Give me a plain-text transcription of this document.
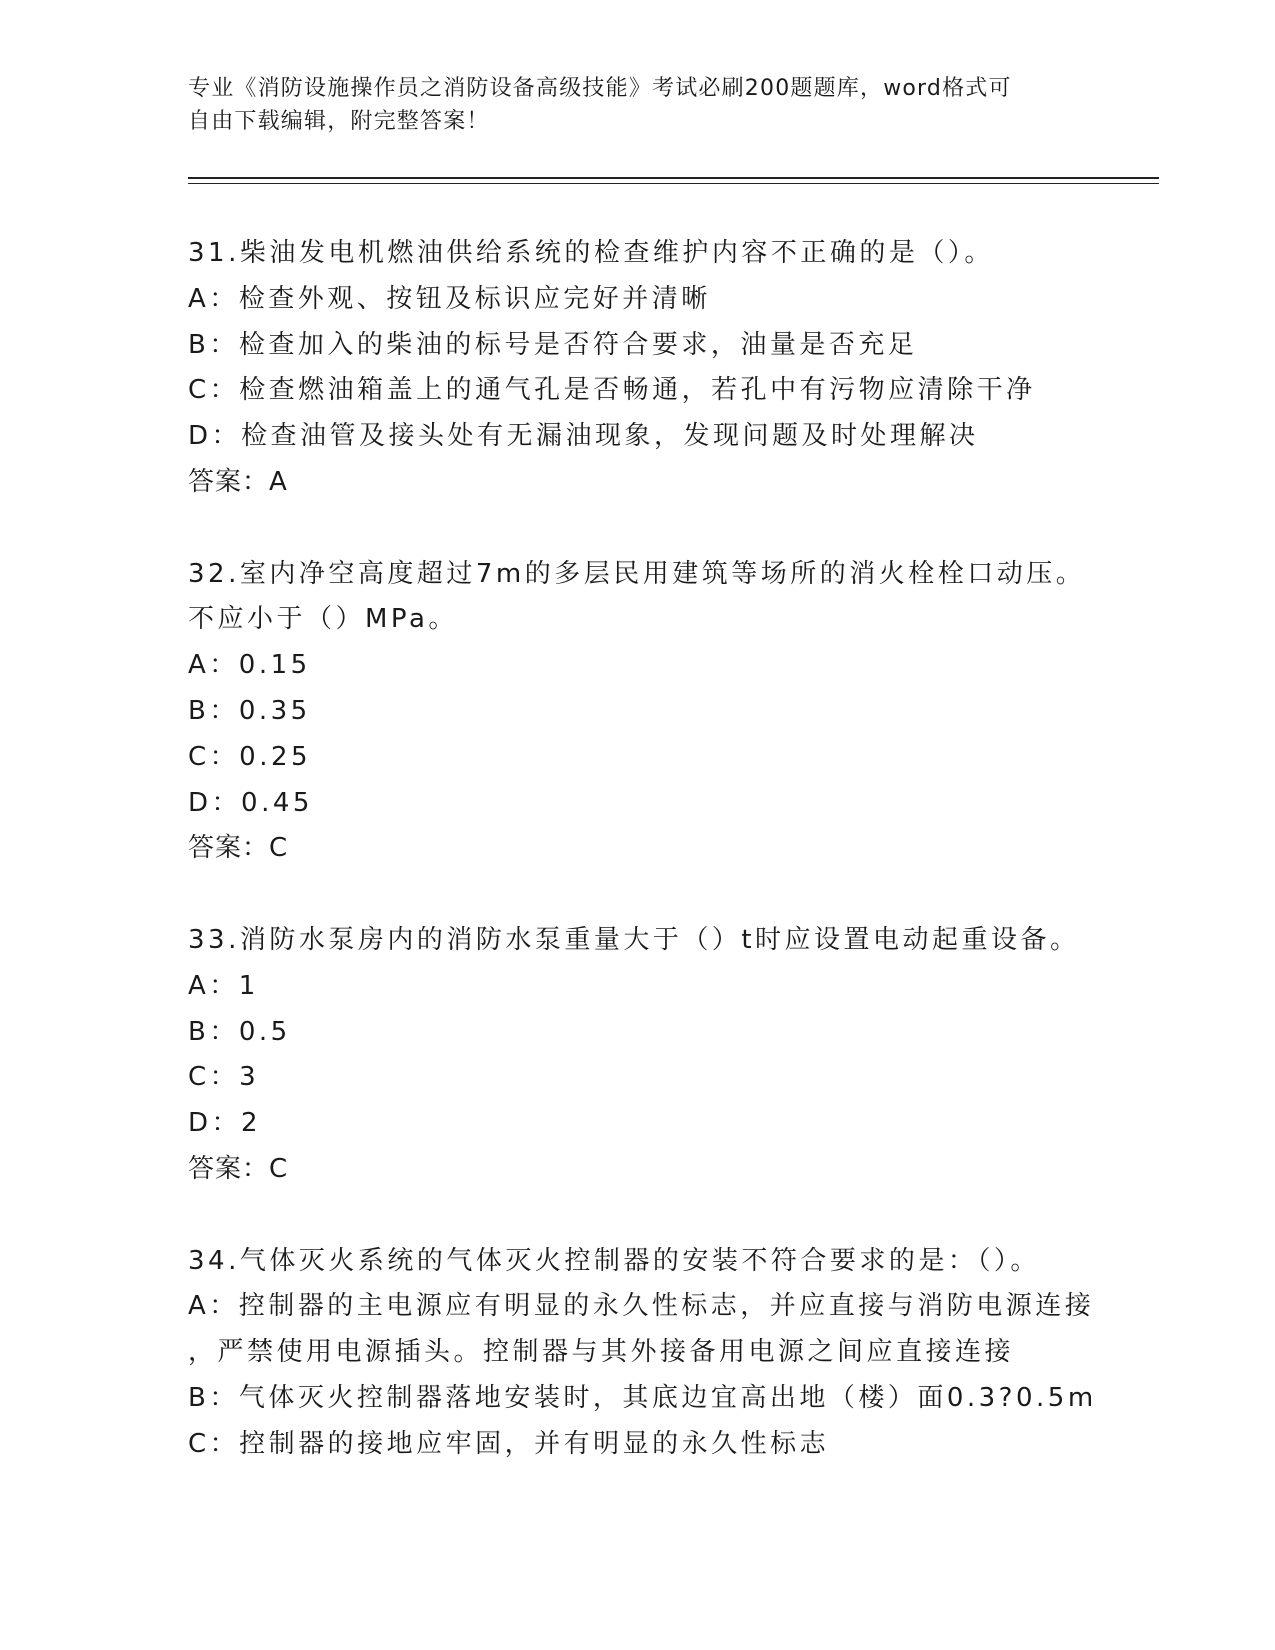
专业《消防设施操作员之消防设备高级技能》考试必刷200题题库，word格式可
自由下载编辑，附完整答案！
31.柴油发电机燃油供给系统的检查维护内容不正确的是（）。
A：检查外观、按钮及标识应完好并清晰
B：检查加入的柴油的标号是否符合要求，油量是否充足
C：检查燃油箱盖上的通气孔是否畅通，若孔中有污物应清除干净
D：检查油管及接头处有无漏油现象，发现问题及时处理解决
答案：A
32.室内净空高度超过7m的多层民用建筑等场所的消火栓栓口动压。
不应小于（）MPa。
A：0.15
B：0.35
C：0.25
D：0.45
答案：C
33.消防水泵房内的消防水泵重量大于（）t时应设置电动起重设备。
A：1
B：0.5
C：3
D：2
答案：C
34.气体灭火系统的气体灭火控制器的安装不符合要求的是：（）。
A：控制器的主电源应有明显的永久性标志，并应直接与消防电源连接
，严禁使用电源插头。控制器与其外接备用电源之间应直接连接
B：气体灭火控制器落地安装时，其底边宜高出地（楼）面0.3?0.5m
C：控制器的接地应牢固，并有明显的永久性标志
